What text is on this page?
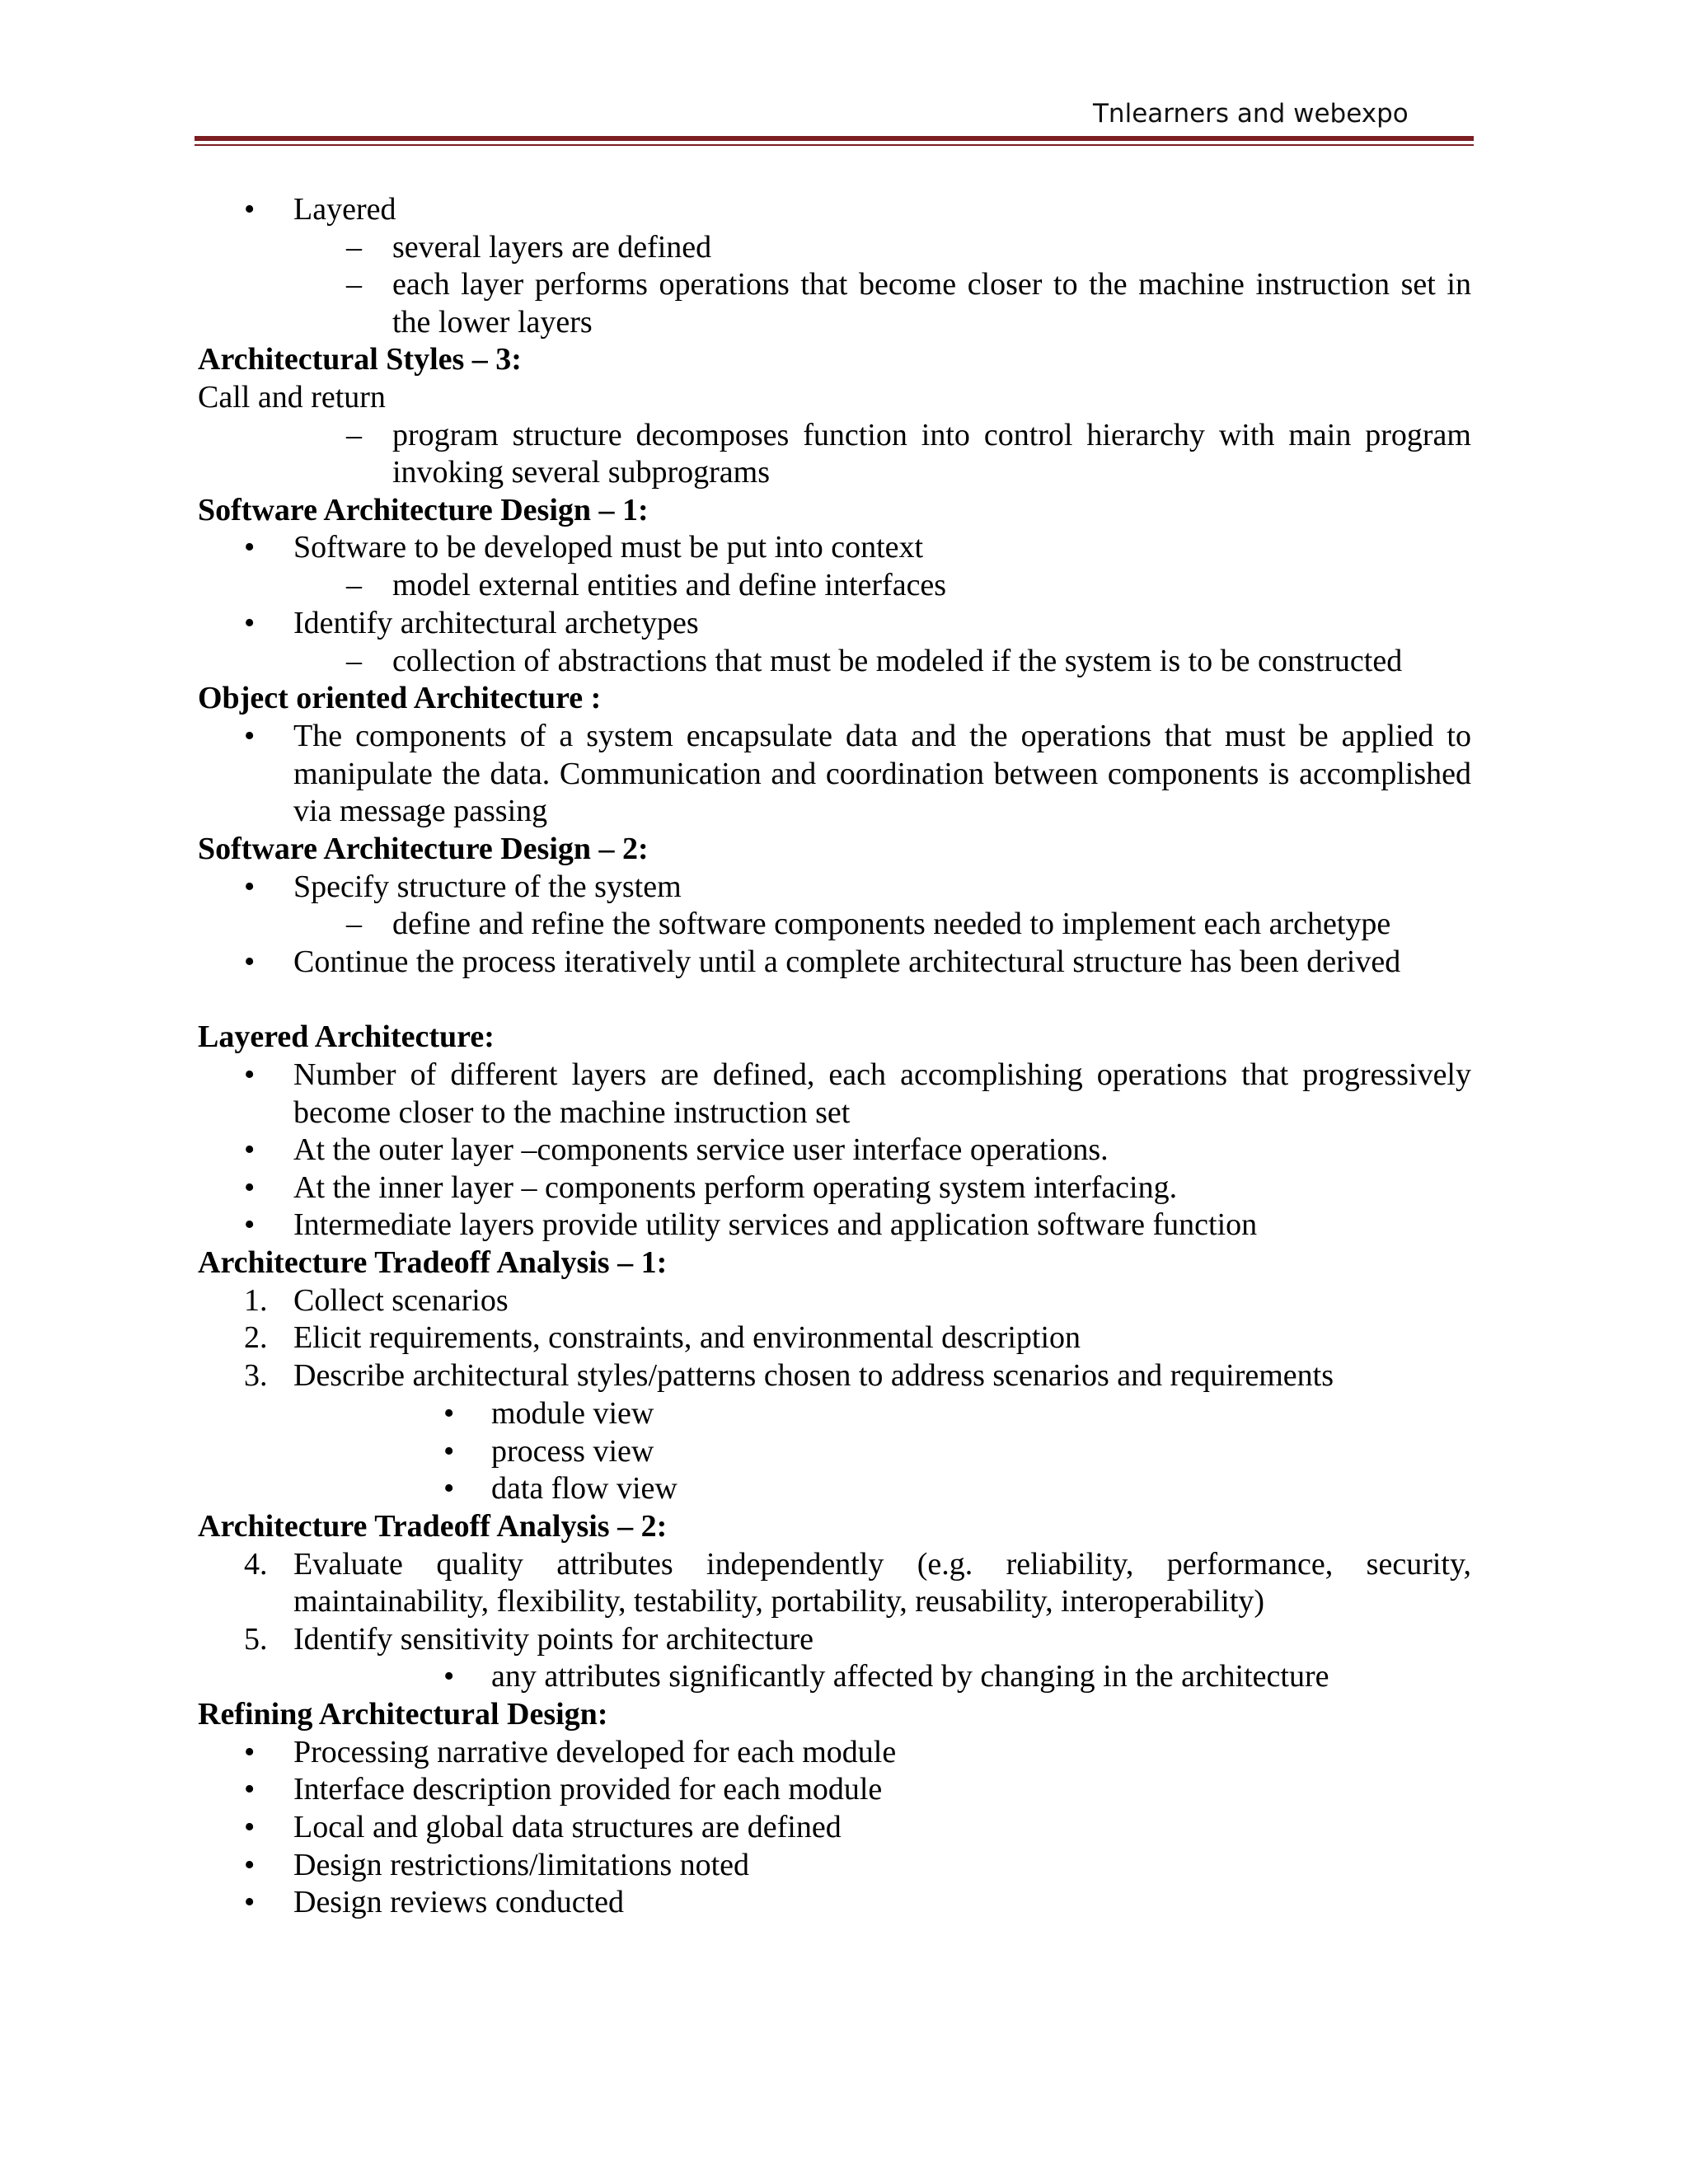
Tnlearners and webexpo
• Layered
– several layers are defined
– each layer performs operations that become closer to the machine instruction set in the lower layers
Architectural Styles – 3:
Call and return
– program structure decomposes function into control hierarchy with main program invoking several subprograms
Software Architecture Design – 1:
• Software to be developed must be put into context
– model external entities and define interfaces
• Identify architectural archetypes
– collection of abstractions that must be modeled if the system is to be constructed
Object oriented Architecture :
• The components of a system encapsulate data and the operations that must be applied to manipulate the data. Communication and coordination between components is accomplished via message passing
Software Architecture Design – 2:
• Specify structure of the system
– define and refine the software components needed to implement each archetype
• Continue the process iteratively until a complete architectural structure has been derived
Layered Architecture:
• Number of different layers are defined, each accomplishing operations that progressively become closer to the machine instruction set
• At the outer layer –components service user interface operations.
• At the inner layer – components perform operating system interfacing.
• Intermediate layers provide utility services and application software function
Architecture Tradeoff Analysis – 1:
1. Collect scenarios
2. Elicit requirements, constraints, and environmental description
3. Describe architectural styles/patterns chosen to address scenarios and requirements
• module view
• process view
• data flow view
Architecture Tradeoff Analysis – 2:
4. Evaluate quality attributes independently (e.g. reliability, performance, security, maintainability, flexibility, testability, portability, reusability, interoperability)
5. Identify sensitivity points for architecture
• any attributes significantly affected by changing in the architecture
Refining Architectural Design:
• Processing narrative developed for each module
• Interface description provided for each module
• Local and global data structures are defined
• Design restrictions/limitations noted
• Design reviews conducted
